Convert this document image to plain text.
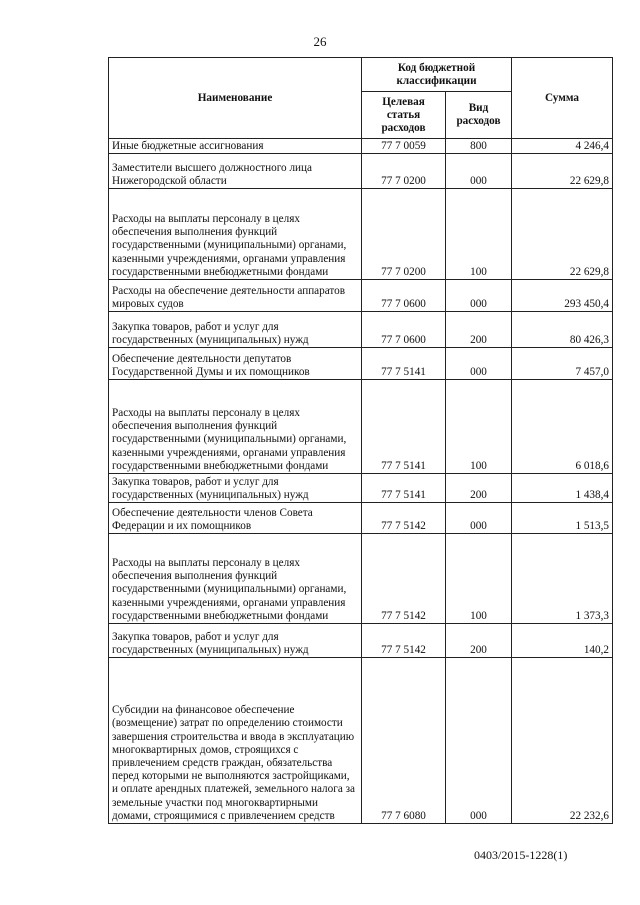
26
Наименование	Код бюджетной классификации		Сумма
	Целевая статья расходов	Вид расходов	
Иные бюджетные ассигнования	77 7 0059	800	4 246,4
Заместители высшего должностного лица Нижегородской области	77 7 0200	000	22 629,8
Расходы на выплаты персоналу в целях обеспечения выполнения функций государственными (муниципальными) органами, казенными учреждениями, органами управления государственными внебюджетными фондами	77 7 0200	100	22 629,8
Расходы на обеспечение деятельности аппаратов мировых судов	77 7 0600	000	293 450,4
Закупка товаров, работ и услуг для государственных (муниципальных) нужд	77 7 0600	200	80 426,3
Обеспечение деятельности депутатов Государственной Думы и их помощников	77 7 5141	000	7 457,0
Расходы на выплаты персоналу в целях обеспечения выполнения функций государственными (муниципальными) органами, казенными учреждениями, органами управления государственными внебюджетными фондами	77 7 5141	100	6 018,6
Закупка товаров, работ и услуг для государственных (муниципальных) нужд	77 7 5141	200	1 438,4
Обеспечение деятельности членов Совета Федерации и их помощников	77 7 5142	000	1 513,5
Расходы на выплаты персоналу в целях обеспечения выполнения функций государственными (муниципальными) органами, казенными учреждениями, органами управления государственными внебюджетными фондами	77 7 5142	100	1 373,3
Закупка товаров, работ и услуг для государственных (муниципальных) нужд	77 7 5142	200	140,2
Субсидии на финансовое обеспечение (возмещение) затрат по определению стоимости завершения строительства и ввода в эксплуатацию многоквартирных домов, строящихся с привлечением средств граждан, обязательства перед которыми не выполняются застройщиками, и оплате арендных платежей, земельного налога за земельные участки под многоквартирными домами, строящимися с привлечением средств	77 7 6080	000	22 232,6
0403/2015-1228(1)
